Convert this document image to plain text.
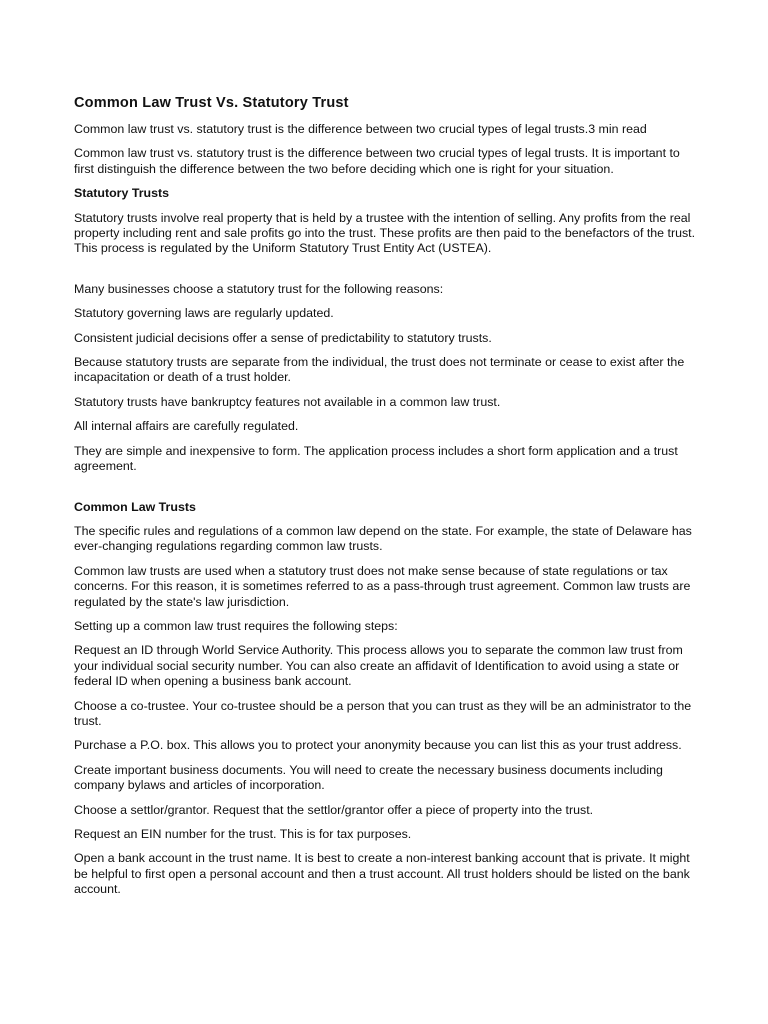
Common Law Trust Vs. Statutory Trust

Common law trust vs. statutory trust is the difference between two crucial types of legal trusts.3 min read

Common law trust vs. statutory trust is the difference between two crucial types of legal trusts. It is important to first distinguish the difference between the two before deciding which one is right for your situation.

Statutory Trusts

Statutory trusts involve real property that is held by a trustee with the intention of selling. Any profits from the real property including rent and sale profits go into the trust. These profits are then paid to the benefactors of the trust. This process is regulated by the Uniform Statutory Trust Entity Act (USTEA).

Many businesses choose a statutory trust for the following reasons:

Statutory governing laws are regularly updated.

Consistent judicial decisions offer a sense of predictability to statutory trusts.

Because statutory trusts are separate from the individual, the trust does not terminate or cease to exist after the incapacitation or death of a trust holder.

Statutory trusts have bankruptcy features not available in a common law trust.

All internal affairs are carefully regulated.

They are simple and inexpensive to form. The application process includes a short form application and a trust agreement.

Common Law Trusts

The specific rules and regulations of a common law depend on the state. For example, the state of Delaware has ever-changing regulations regarding common law trusts.

Common law trusts are used when a statutory trust does not make sense because of state regulations or tax concerns. For this reason, it is sometimes referred to as a pass-through trust agreement. Common law trusts are regulated by the state's law jurisdiction.

Setting up a common law trust requires the following steps:

Request an ID through World Service Authority. This process allows you to separate the common law trust from your individual social security number. You can also create an affidavit of Identification to avoid using a state or federal ID when opening a business bank account.

Choose a co-trustee. Your co-trustee should be a person that you can trust as they will be an administrator to the trust.

Purchase a P.O. box. This allows you to protect your anonymity because you can list this as your trust address.

Create important business documents. You will need to create the necessary business documents including company bylaws and articles of incorporation.

Choose a settlor/grantor. Request that the settlor/grantor offer a piece of property into the trust.

Request an EIN number for the trust. This is for tax purposes.

Open a bank account in the trust name. It is best to create a non-interest banking account that is private. It might be helpful to first open a personal account and then a trust account. All trust holders should be listed on the bank account.
